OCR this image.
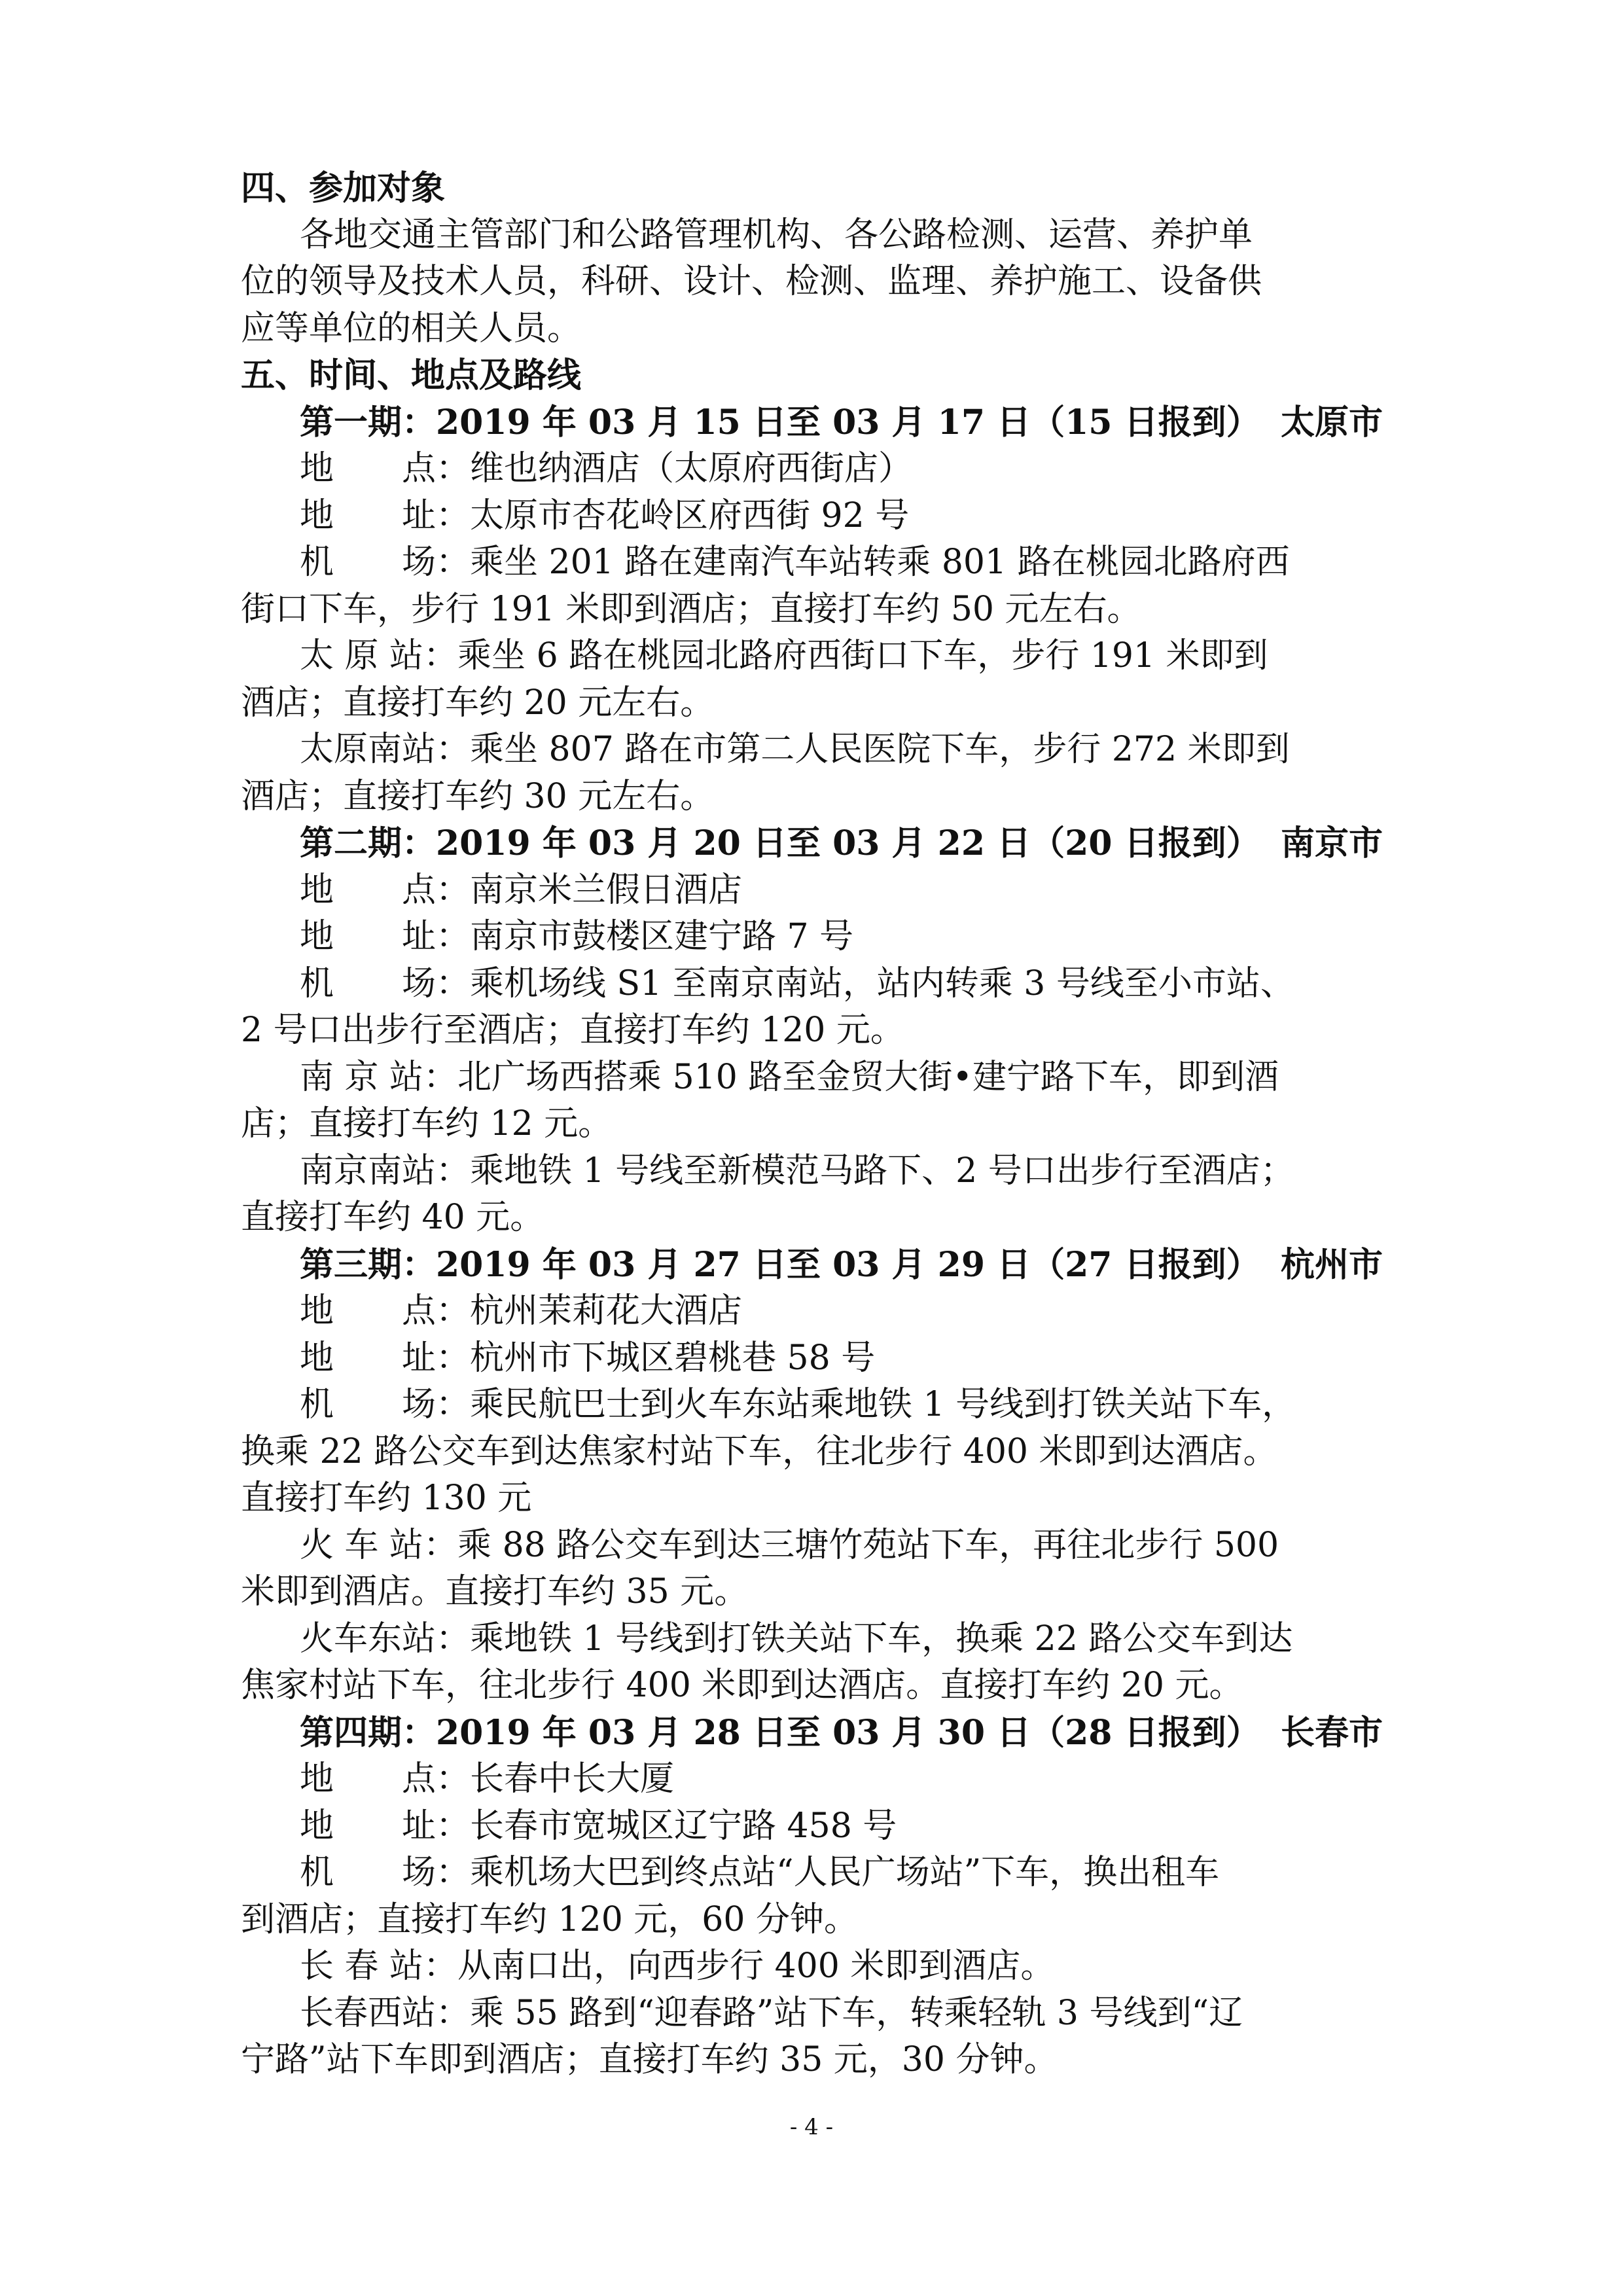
四、参加对象
各地交通主管部门和公路管理机构、各公路检测、运营、养护单
位的领导及技术人员，科研、设计、检测、监理、养护施工、设备供
应等单位的相关人员。
五、时间、地点及路线
第一期：2019 年 03 月 15 日至 03 月 17 日（15 日报到） 太原市
地　　点：维也纳酒店（太原府西街店）
地　　址：太原市杏花岭区府西街 92 号
机　　场：乘坐 201 路在建南汽车站转乘 801 路在桃园北路府西
街口下车，步行 191 米即到酒店；直接打车约 50 元左右。
太 原 站：乘坐 6 路在桃园北路府西街口下车，步行 191 米即到
酒店；直接打车约 20 元左右。
太原南站：乘坐 807 路在市第二人民医院下车，步行 272 米即到
酒店；直接打车约 30 元左右。
第二期：2019 年 03 月 20 日至 03 月 22 日（20 日报到） 南京市
地　　点：南京米兰假日酒店
地　　址：南京市鼓楼区建宁路 7 号
机　　场：乘机场线 S1 至南京南站，站内转乘 3 号线至小市站、
2 号口出步行至酒店；直接打车约 120 元。
南 京 站：北广场西搭乘 510 路至金贸大街•建宁路下车，即到酒
店；直接打车约 12 元。
南京南站：乘地铁 1 号线至新模范马路下、2 号口出步行至酒店；
直接打车约 40 元。
第三期：2019 年 03 月 27 日至 03 月 29 日（27 日报到） 杭州市
地　　点：杭州茉莉花大酒店
地　　址：杭州市下城区碧桃巷 58 号
机　　场：乘民航巴士到火车东站乘地铁 1 号线到打铁关站下车，
换乘 22 路公交车到达焦家村站下车，往北步行 400 米即到达酒店。
直接打车约 130 元
火 车 站：乘 88 路公交车到达三塘竹苑站下车，再往北步行 500
米即到酒店。直接打车约 35 元。
火车东站：乘地铁 1 号线到打铁关站下车，换乘 22 路公交车到达
焦家村站下车，往北步行 400 米即到达酒店。直接打车约 20 元。
第四期：2019 年 03 月 28 日至 03 月 30 日（28 日报到） 长春市
地　　点：长春中长大厦
地　　址：长春市宽城区辽宁路 458 号
机　　场：乘机场大巴到终点站“人民广场站”下车，换出租车
到酒店；直接打车约 120 元，60 分钟。
长 春 站：从南口出，向西步行 400 米即到酒店。
长春西站：乘 55 路到“迎春路”站下车，转乘轻轨 3 号线到“辽
宁路”站下车即到酒店；直接打车约 35 元，30 分钟。
- 4 -
